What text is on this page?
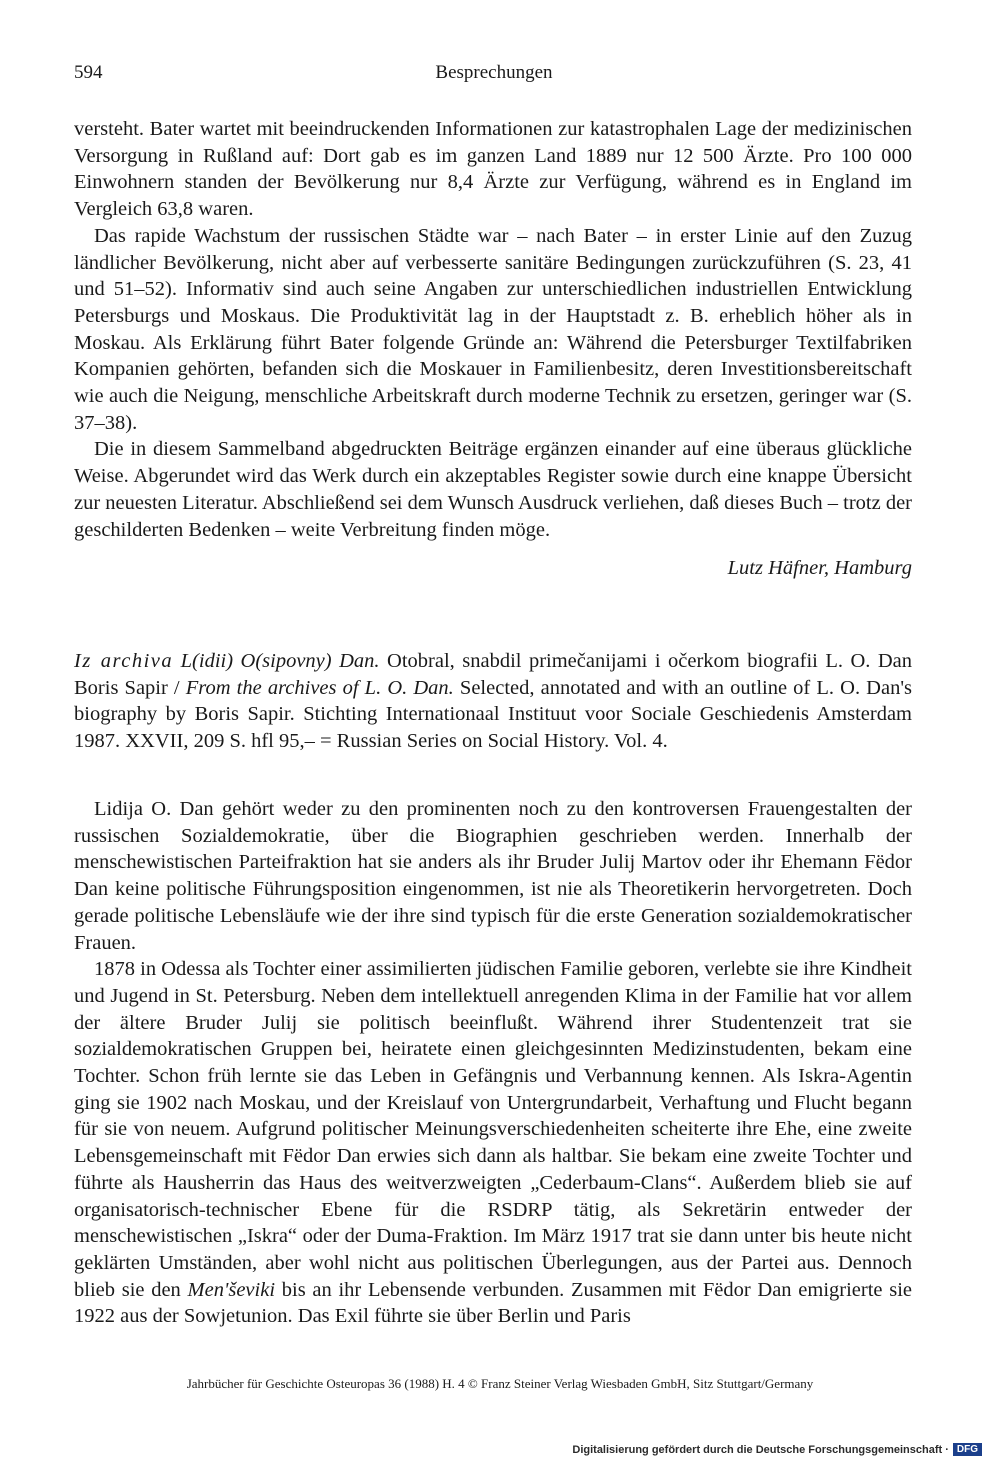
594	Besprechungen

versteht. Bater wartet mit beeindruckenden Informationen zur katastrophalen Lage der medizinischen Versorgung in Rußland auf: Dort gab es im ganzen Land 1889 nur 12 500 Ärzte. Pro 100 000 Einwohnern standen der Bevölkerung nur 8,4 Ärzte zur Verfügung, während es in England im Vergleich 63,8 waren.

Das rapide Wachstum der russischen Städte war – nach Bater – in erster Linie auf den Zuzug ländlicher Bevölkerung, nicht aber auf verbesserte sanitäre Bedingungen zurückzuführen (S. 23, 41 und 51–52). Informativ sind auch seine Angaben zur unterschiedlichen industriellen Entwicklung Petersburgs und Moskaus. Die Produktivität lag in der Hauptstadt z. B. erheblich höher als in Moskau. Als Erklärung führt Bater folgende Gründe an: Während die Petersburger Textilfabriken Kompanien gehörten, befanden sich die Moskauer in Familienbesitz, deren Investitionsbereitschaft wie auch die Neigung, menschliche Arbeitskraft durch moderne Technik zu ersetzen, geringer war (S. 37–38).

Die in diesem Sammelband abgedruckten Beiträge ergänzen einander auf eine überaus glückliche Weise. Abgerundet wird das Werk durch ein akzeptables Register sowie durch eine knappe Übersicht zur neuesten Literatur. Abschließend sei dem Wunsch Ausdruck verliehen, daß dieses Buch – trotz der geschilderten Bedenken – weite Verbreitung finden möge.

Lutz Häfner, Hamburg

Iz archiva L(idii) O(sipovny) Dan. Otobral, snabdil primečanijami i očerkom biografii L. O. Dan Boris Sapir / From the archives of L. O. Dan. Selected, annotated and with an outline of L. O. Dan's biography by Boris Sapir. Stichting Internationaal Instituut voor Sociale Geschiedenis Amsterdam 1987. XXVII, 209 S. hfl 95,– = Russian Series on Social History. Vol. 4.

Lidija O. Dan gehört weder zu den prominenten noch zu den kontroversen Frauengestalten der russischen Sozialdemokratie, über die Biographien geschrieben werden. Innerhalb der menschewistischen Parteifraktion hat sie anders als ihr Bruder Julij Martov oder ihr Ehemann Fëdor Dan keine politische Führungsposition eingenommen, ist nie als Theoretikerin hervorgetreten. Doch gerade politische Lebensläufe wie der ihre sind typisch für die erste Generation sozialdemokratischer Frauen.

1878 in Odessa als Tochter einer assimilierten jüdischen Familie geboren, verlebte sie ihre Kindheit und Jugend in St. Petersburg. Neben dem intellektuell anregenden Klima in der Familie hat vor allem der ältere Bruder Julij sie politisch beeinflußt. Während ihrer Studentenzeit trat sie sozialdemokratischen Gruppen bei, heiratete einen gleichgesinnten Medizinstudenten, bekam eine Tochter. Schon früh lernte sie das Leben in Gefängnis und Verbannung kennen. Als Iskra-Agentin ging sie 1902 nach Moskau, und der Kreislauf von Untergrundarbeit, Verhaftung und Flucht begann für sie von neuem. Aufgrund politischer Meinungsverschiedenheiten scheiterte ihre Ehe, eine zweite Lebensgemeinschaft mit Fëdor Dan erwies sich dann als haltbar. Sie bekam eine zweite Tochter und führte als Hausherrin das Haus des weitverzweigten „Cederbaum-Clans“. Außerdem blieb sie auf organisatorisch-technischer Ebene für die RSDRP tätig, als Sekretärin entweder der menschewistischen „Iskra“ oder der Duma-Fraktion. Im März 1917 trat sie dann unter bis heute nicht geklärten Umständen, aber wohl nicht aus politischen Überlegungen, aus der Partei aus. Dennoch blieb sie den Men'ševiki bis an ihr Lebensende verbunden. Zusammen mit Fëdor Dan emigrierte sie 1922 aus der Sowjetunion. Das Exil führte sie über Berlin und Paris

Jahrbücher für Geschichte Osteuropas 36 (1988) H. 4 © Franz Steiner Verlag Wiesbaden GmbH, Sitz Stuttgart/Germany
Digitalisierung gefördert durch die Deutsche Forschungsgemeinschaft · DFG
